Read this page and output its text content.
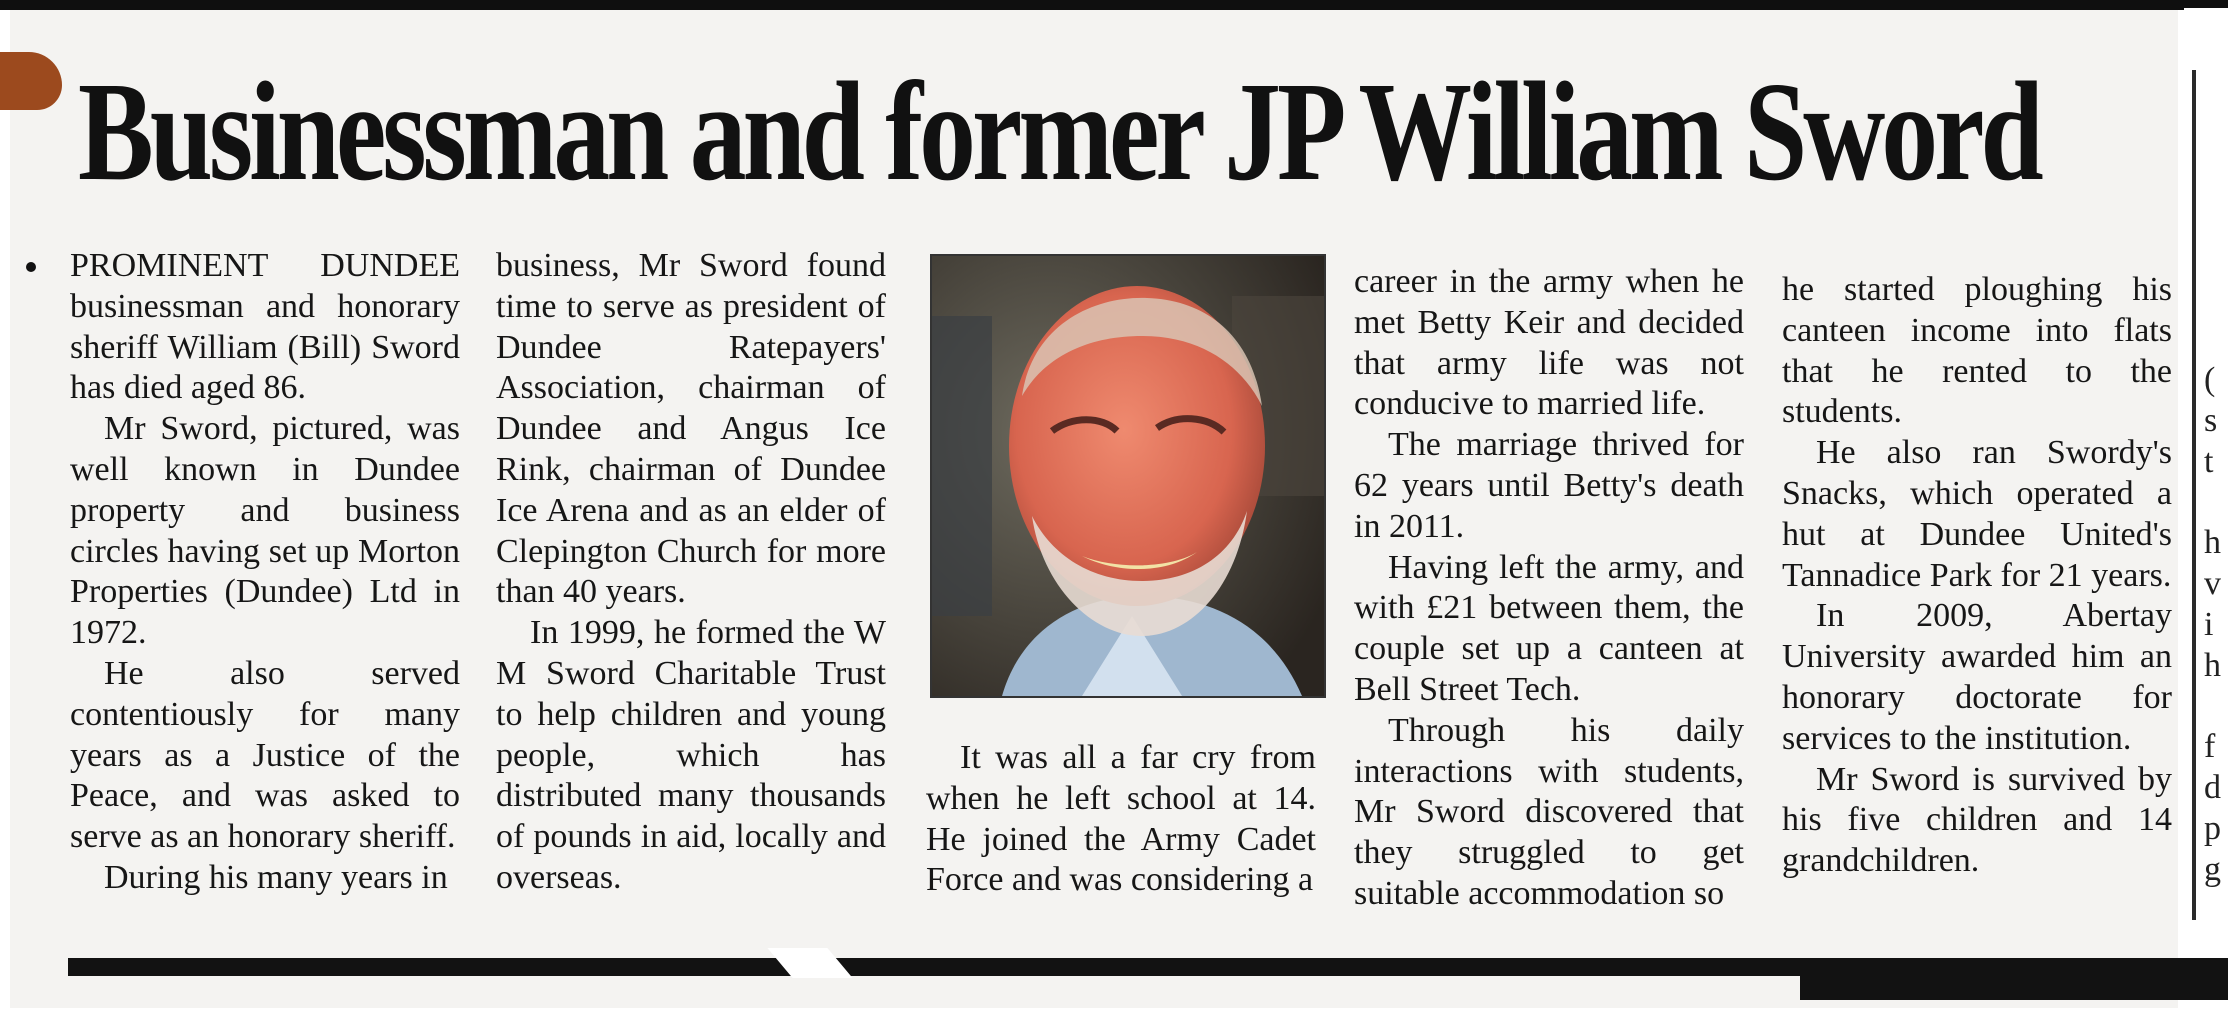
Businessman and former JP William Sword

PROMINENT DUNDEE businessman and honorary sheriff William (Bill) Sword has died aged 86.

Mr Sword, pictured, was well known in Dundee property and business circles having set up Morton Properties (Dundee) Ltd in 1972.

He also served contentiously for many years as a Justice of the Peace, and was asked to serve as an honorary sheriff.

During his many years in

business, Mr Sword found time to serve as president of Dundee Ratepayers' Association, chairman of Dundee and Angus Ice Rink, chairman of Dundee Ice Arena and as an elder of Clepington Church for more than 40 years.

In 1999, he formed the W M Sword Charitable Trust to help children and young people, which has distributed many thousands of pounds in aid, locally and overseas.

It was all a far cry from when he left school at 14. He joined the Army Cadet Force and was considering a

career in the army when he met Betty Keir and decided that army life was not conducive to married life.

The marriage thrived for 62 years until Betty's death in 2011.

Having left the army, and with £21 between them, the couple set up a canteen at Bell Street Tech.

Through his daily interactions with students, Mr Sword discovered that they struggled to get suitable accommodation so

he started ploughing his canteen income into flats that he rented to the students.

He also ran Swordy's Snacks, which operated a hut at Dundee United's Tannadice Park for 21 years.

In 2009, Abertay University awarded him an honorary doctorate for services to the institution.

Mr Sword is survived by his five children and 14 grandchildren.

(
s
t

h
v
i
h

f
d
p
g
